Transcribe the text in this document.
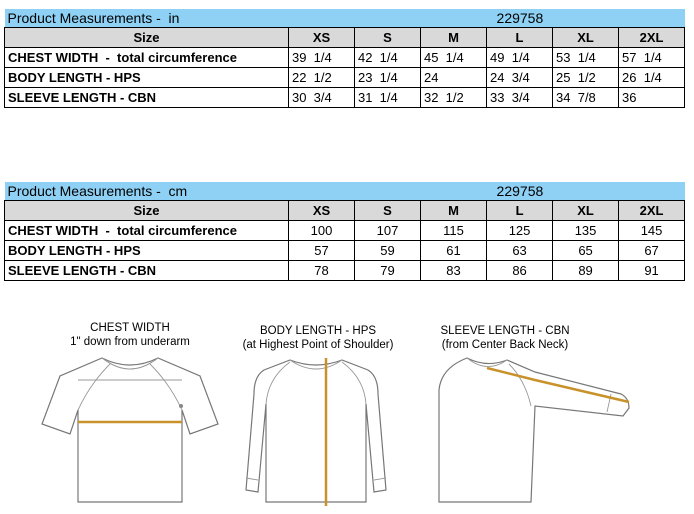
Product Measurements -  in				229758		
Size	XS	S	M	L	XL	2XL
CHEST WIDTH  -  total circumference	39  1/4	42  1/4	45  1/4	49  1/4	53  1/4	57  1/4
BODY LENGTH - HPS	22  1/2	23  1/4	24	24  3/4	25  1/2	26  1/4
SLEEVE LENGTH - CBN	30  3/4	31  1/4	32  1/2	33  3/4	34  7/8	36
Product Measurements -  cm				229758		
Size	XS	S	M	L	XL	2XL
CHEST WIDTH  -  total circumference	100	107	115	125	135	145
BODY LENGTH - HPS	57	59	61	63	65	67
SLEEVE LENGTH - CBN	78	79	83	86	89	91
CHEST WIDTH
1" down from underarm
BODY LENGTH - HPS
(at Highest Point of Shoulder)
SLEEVE LENGTH - CBN
(from Center Back Neck)
